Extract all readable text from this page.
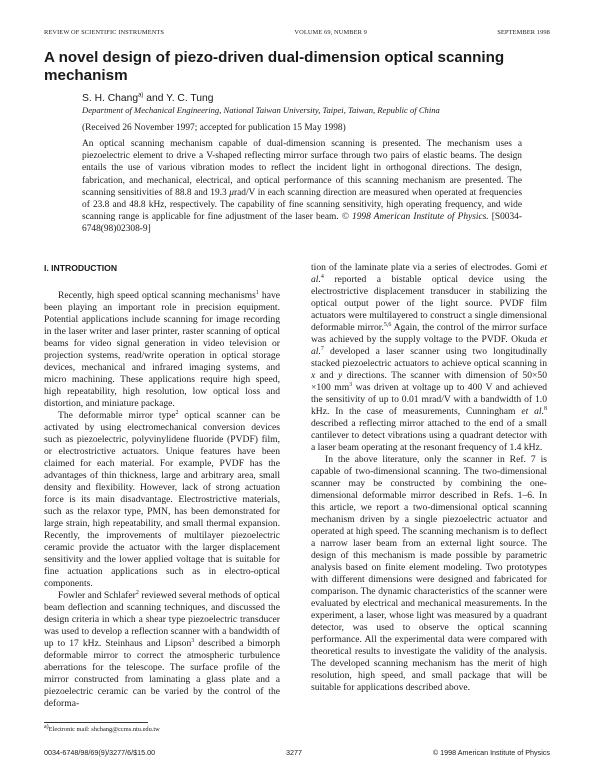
REVIEW OF SCIENTIFIC INSTRUMENTS	VOLUME 69, NUMBER 9	SEPTEMBER 1998
A novel design of piezo-driven dual-dimension optical scanning mechanism
S. H. Chang$^{a)}$ and Y. C. Tung
Department of Mechanical Engineering, National Taiwan University, Taipei, Taiwan, Republic of China
(Received 26 November 1997; accepted for publication 15 May 1998)
An optical scanning mechanism capable of dual-dimension scanning is presented. The mechanism uses a piezoelectric element to drive a V-shaped reflecting mirror surface through two pairs of elastic beams. The design entails the use of various vibration modes to reflect the incident light in orthogonal directions. The design, fabrication, and mechanical, electrical, and optical performance of this scanning mechanism are presented. The scanning sensitivities of 88.8 and 19.3 μrad/V in each scanning direction are measured when operated at frequencies of 23.8 and 48.8 kHz, respectively. The capability of fine scanning sensitivity, high operating frequency, and wide scanning range is applicable for fine adjustment of the laser beam. © 1998 American Institute of Physics. [S0034-6748(98)02308-9]
I. INTRODUCTION

Recently, high speed optical scanning mechanisms$^1$ have been playing an important role in precision equipment. Potential applications include scanning for image recording in the laser writer and laser printer, raster scanning of optical beams for video signal generation in video television or projection systems, read/write operation in optical storage devices, mechanical and infrared imaging systems, and micro machining. These applications require high speed, high repeatability, high resolution, low optical loss and distortion, and miniature package.

The deformable mirror type$^2$ optical scanner can be activated by using electromechanical conversion devices such as piezoelectric, polyvinylidene fluoride (PVDF) film, or electrostrictive actuators. Unique features have been claimed for each material. For example, PVDF has the advantages of thin thickness, large and arbitrary area, small density and flexibility. However, lack of strong actuation force is its main disadvantage. Electrostrictive materials, such as the relaxor type, PMN, has been demonstrated for large strain, high repeatability, and small thermal expansion. Recently, the improvements of multilayer piezoelectric ceramic provide the actuator with the larger displacement sensitivity and the lower applied voltage that is suitable for fine actuation applications such as in electro-optical components.

Fowler and Schlafer$^2$ reviewed several methods of optical beam deflection and scanning techniques, and discussed the design criteria in which a shear type piezoelectric transducer was used to develop a reflection scanner with a bandwidth of up to 17 kHz. Steinhaus and Lipson$^3$ described a bimorph deformable mirror to correct the atmospheric turbulence aberrations for the telescope. The surface profile of the mirror constructed from laminating a glass plate and a piezoelectric ceramic can be varied by the control of the deforma-

$^{a)}$Electronic mail: shchang@ccms.ntu.edu.tw

tion of the laminate plate via a series of electrodes. Gomi et al.$^4$ reported a bistable optical device using the electrostrictive displacement transducer in stabilizing the optical output power of the light source. PVDF film actuators were multilayered to construct a single dimensional deformable mirror.$^{5,6}$ Again, the control of the mirror surface was achieved by the supply voltage to the PVDF. Okuda et al.$^7$ developed a laser scanner using two longitudinally stacked piezoelectric actuators to achieve optical scanning in x and y directions. The scanner with dimension of 50×50 ×100 $mm^3$ was driven at voltage up to 400 V and achieved the sensitivity of up to 0.01 mrad/V with a bandwidth of 1.0 kHz. In the case of measurements, Cunningham et al.$^8$ described a reflecting mirror attached to the end of a small cantilever to detect vibrations using a quadrant detector with a laser beam operating at the resonant frequency of 1.4 kHz.

In the above literature, only the scanner in Ref. 7 is capable of two-dimensional scanning. The two-dimensional scanner may be constructed by combining the one-dimensional deformable mirror described in Refs. 1–6. In this article, we report a two-dimensional optical scanning mechanism driven by a single piezoelectric actuator and operated at high speed. The scanning mechanism is to deflect a narrow laser beam from an external light source. The design of this mechanism is made possible by parametric analysis based on finite element modeling. Two prototypes with different dimensions were designed and fabricated for comparison. The dynamic characteristics of the scanner were evaluated by electrical and mechanical measurements. In the experiment, a laser, whose light was measured by a quadrant detector, was used to observe the optical scanning performance. All the experimental data were compared with theoretical results to investigate the validity of the analysis. The developed scanning mechanism has the merit of high resolution, high speed, and small package that will be suitable for applications described above.

0034-6748/98/69(9)/3277/6/$15.00	3277	© 1998 American Institute of Physics
